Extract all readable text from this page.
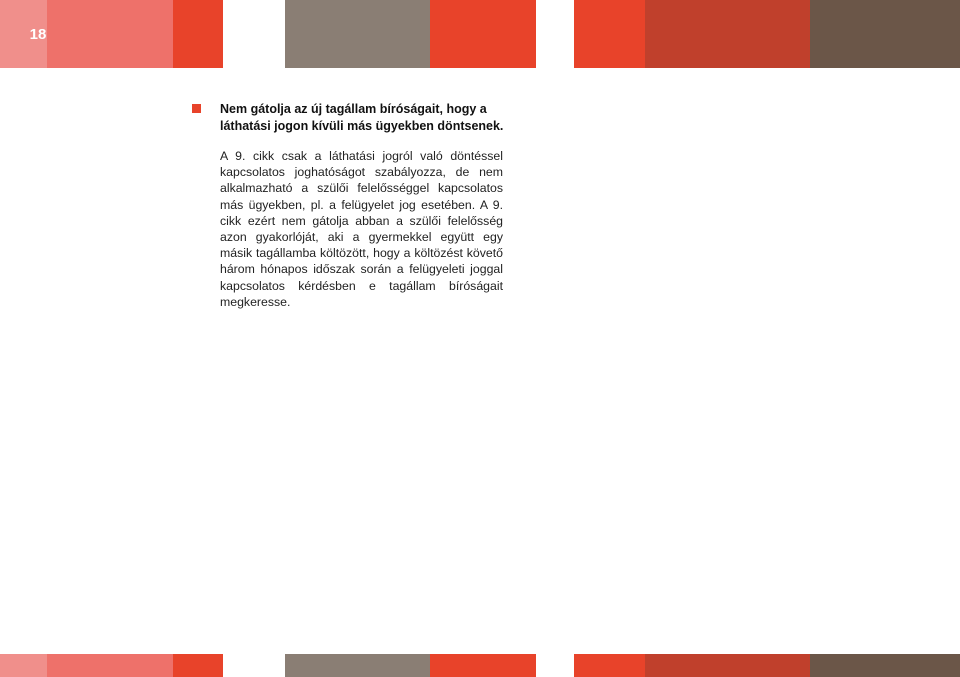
18
Nem gátolja az új tagállam bíróságait, hogy a láthatási jogon kívüli más ügyekben döntsenek.
A 9. cikk csak a láthatási jogról való döntéssel kapcsolatos joghatóságot szabályozza, de nem alkalmazható a szülői felelősséggel kapcsolatos más ügyekben, pl. a felügyelet jog esetében. A 9. cikk ezért nem gátolja abban a szülői felelősség azon gyakorlóját, aki a gyermekkel együtt egy másik tagállamba költözött, hogy a költözést követő három hónapos időszak során a felügyeleti joggal kapcsolatos kérdésben e tagállam bíróságait megkeresse.
